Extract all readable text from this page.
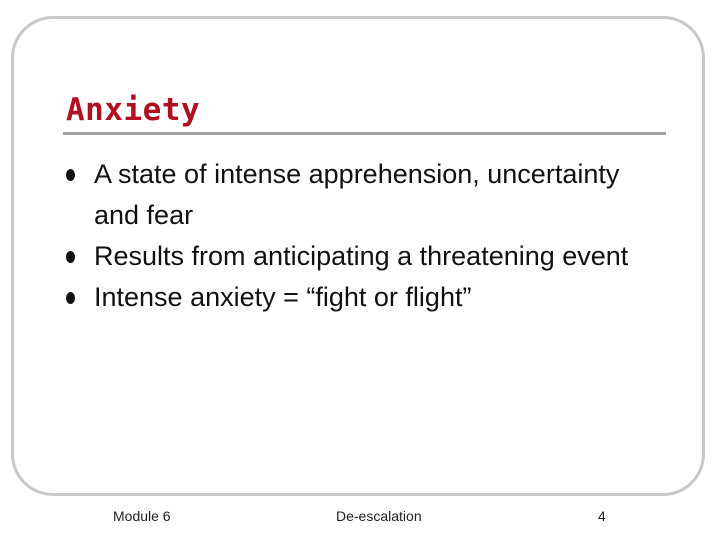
Anxiety
A state of intense apprehension, uncertainty and fear
Results from anticipating a threatening event
Intense anxiety = “fight or flight”
Module 6	De-escalation	4
